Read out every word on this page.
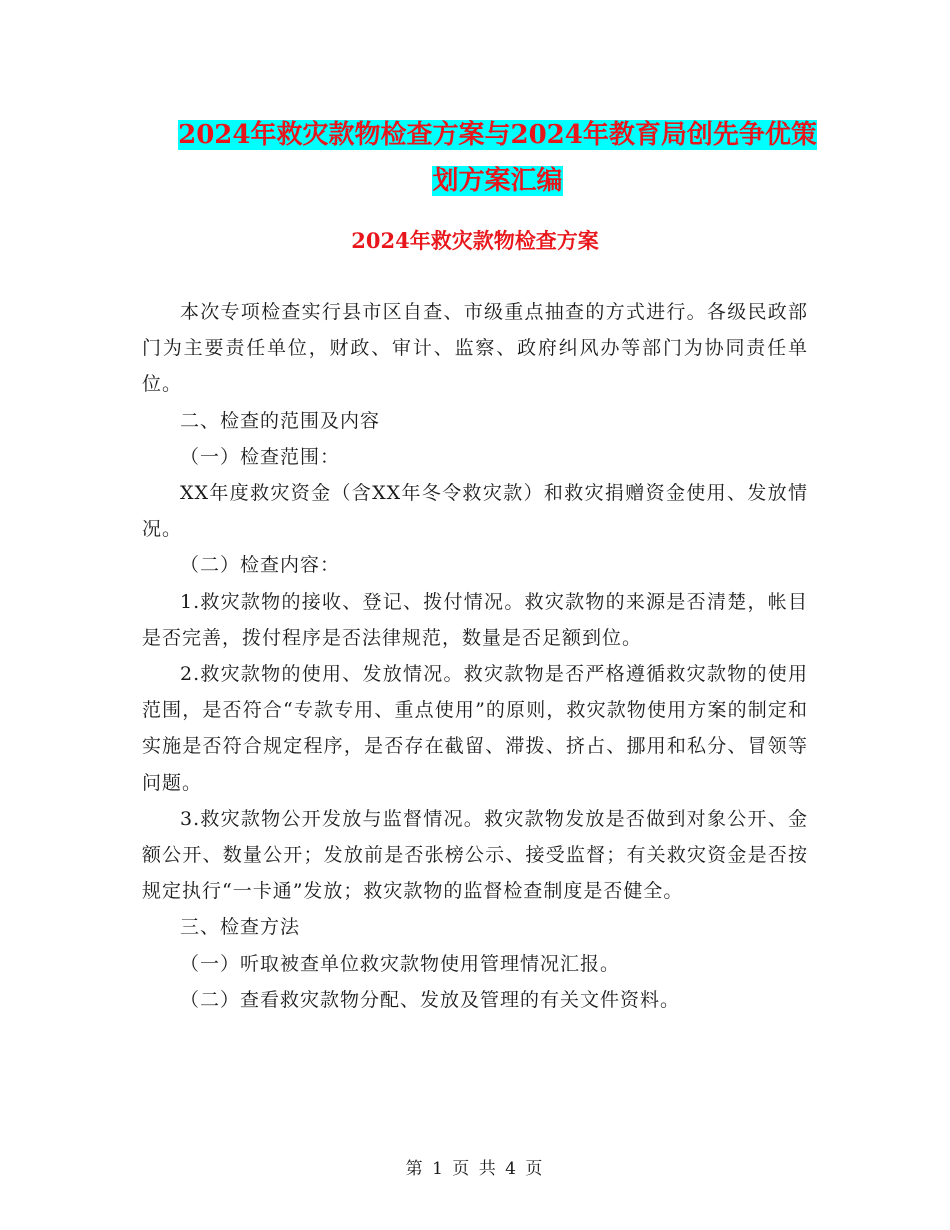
2024年救灾款物检查方案与2024年教育局创先争优策
划方案汇编
2024年救灾款物检查方案

本次专项检查实行县市区自查、市级重点抽查的方式进行。各级民政部门为主要责任单位，财政、审计、监察、政府纠风办等部门为协同责任单位。

二、检查的范围及内容

（一）检查范围：

XX年度救灾资金（含XX年冬令救灾款）和救灾捐赠资金使用、发放情况。

（二）检查内容：

1.救灾款物的接收、登记、拨付情况。救灾款物的来源是否清楚，帐目是否完善，拨付程序是否法律规范，数量是否足额到位。

2.救灾款物的使用、发放情况。救灾款物是否严格遵循救灾款物的使用范围，是否符合“专款专用、重点使用”的原则，救灾款物使用方案的制定和实施是否符合规定程序，是否存在截留、滞拨、挤占、挪用和私分、冒领等问题。

3.救灾款物公开发放与监督情况。救灾款物发放是否做到对象公开、金额公开、数量公开；发放前是否张榜公示、接受监督；有关救灾资金是否按规定执行“一卡通”发放；救灾款物的监督检查制度是否健全。

三、检查方法

（一）听取被查单位救灾款物使用管理情况汇报。

（二）查看救灾款物分配、发放及管理的有关文件资料。

第 1 页 共 4 页
